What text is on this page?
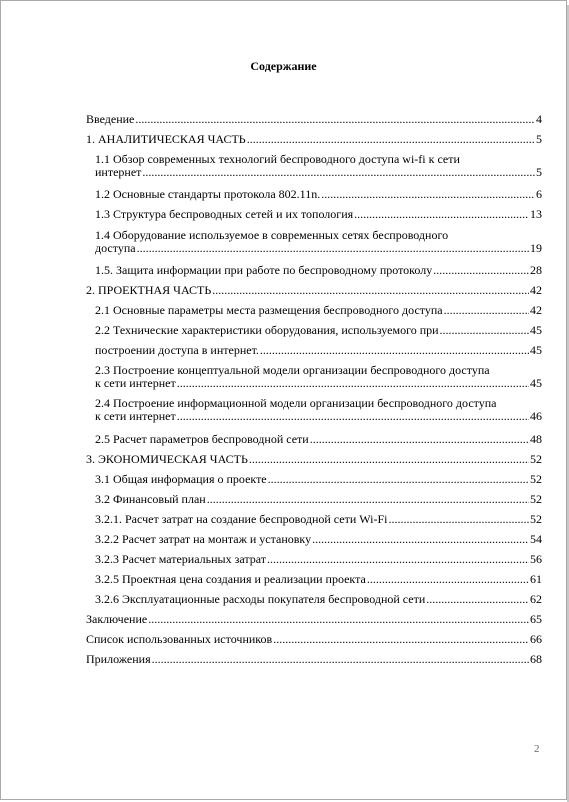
Содержание
Введение .....	4
1. АНАЛИТИЧЕСКАЯ ЧАСТЬ .....	5
1.1 Обзор современных технологий беспроводного доступа wi-fi к сети
интернет .....	5
1.2 Основные стандарты протокола 802.11n. .....	6
1.3 Структура беспроводных сетей и их топология .....	13
1.4 Оборудование используемое в современных сетях беспроводного
доступа .....	19
1.5. Защита информации при работе по беспроводному протоколу .....	28
2. ПРОЕКТНАЯ ЧАСТЬ .....	42
2.1 Основные параметры места размещения беспроводного доступа .....	42
2.2 Технические характеристики оборудования, используемого при .....	45
построении доступа в интернет. .....	45
2.3 Построение концептуальной модели организации беспроводного доступа
к сети интернет .....	45
2.4 Построение информационной модели организации беспроводного доступа
к сети интернет .....	46
2.5 Расчет параметров беспроводной сети .....	48
3. ЭКОНОМИЧЕСКАЯ ЧАСТЬ .....	52
3.1 Общая информация о проекте .....	52
3.2 Финансовый план .....	52
3.2.1. Расчет затрат на создание беспроводной сети Wi-Fi .....	52
3.2.2 Расчет затрат на монтаж и установку .....	54
3.2.3 Расчет материальных затрат .....	56
3.2.5 Проектная цена создания и реализации проекта .....	61
3.2.6 Эксплуатационные расходы покупателя беспроводной сети .....	62
Заключение .....	65
Список использованных источников .....	66
Приложения .....	68
2
